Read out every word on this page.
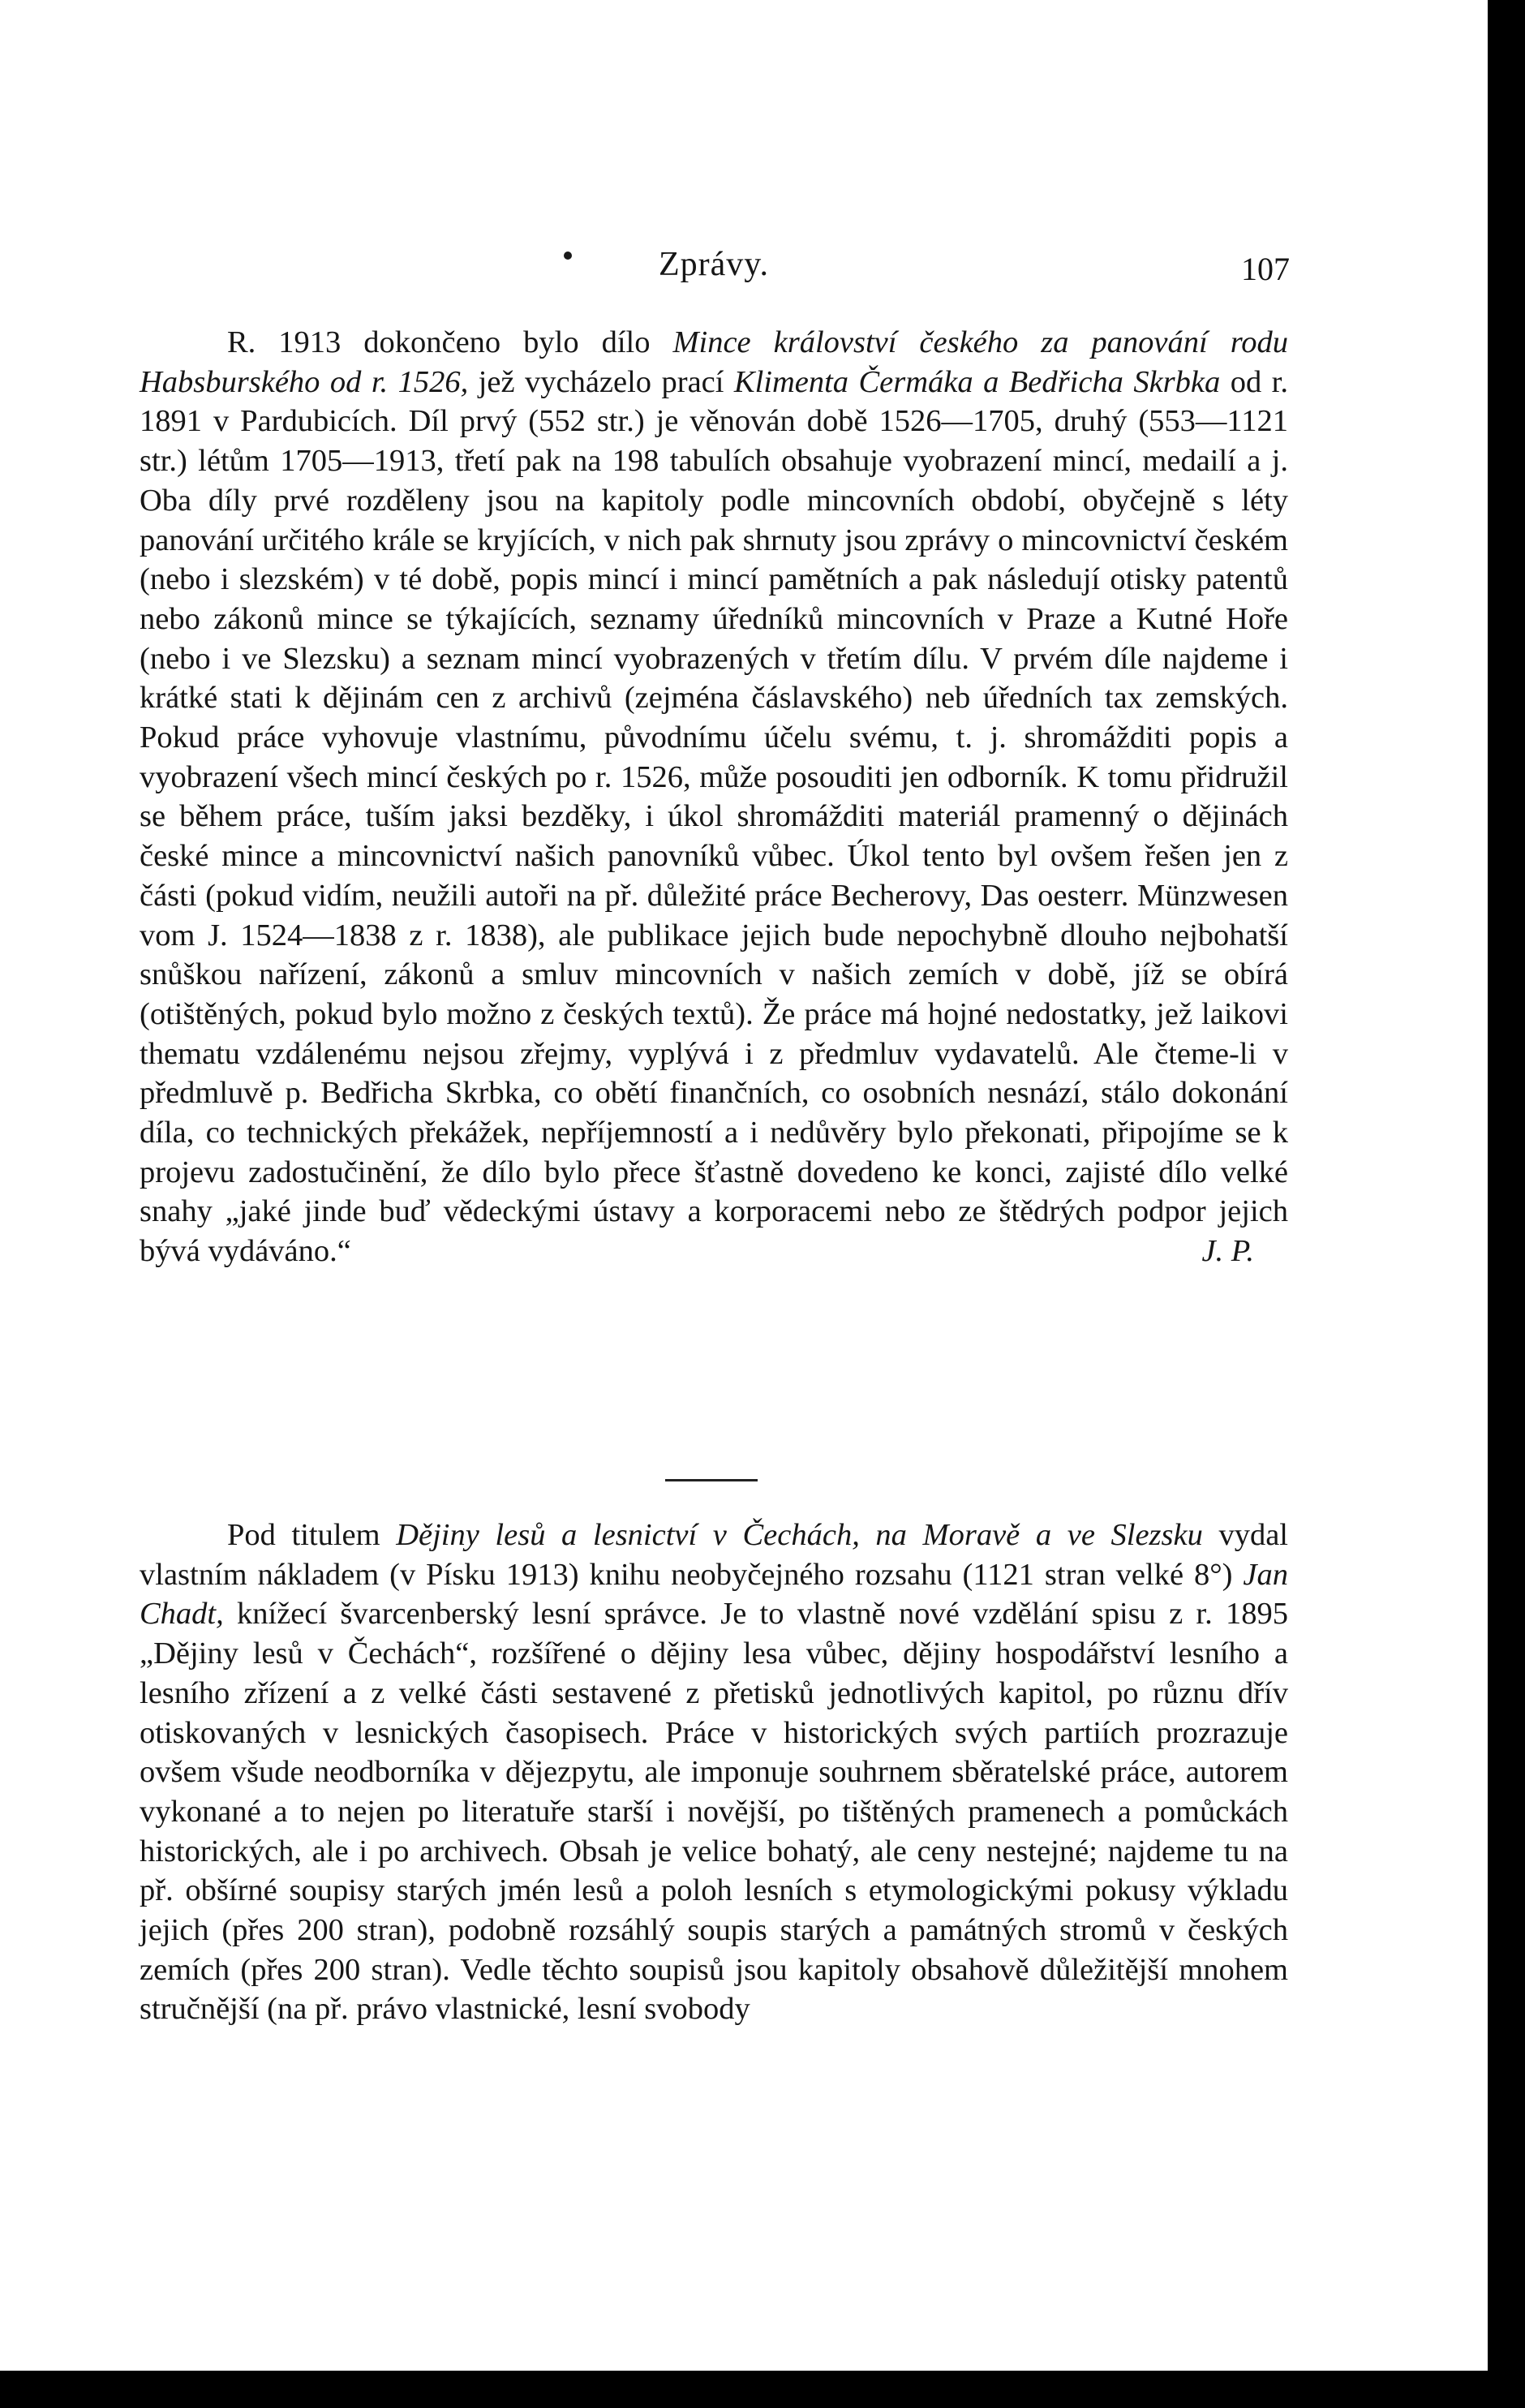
Zprávy.	107

R. 1913 dokončeno bylo dílo Mince království českého za panování rodu Habsburského od r. 1526, jež vycházelo prací Klimenta Čermáka a Bedřicha Skrbka od r. 1891 v Pardubicích. Díl prvý (552 str.) je věnován době 1526—1705, druhý (553—1121 str.) létům 1705—1913, třetí pak na 198 tabulích obsahuje vyobrazení mincí, medailí a j. Oba díly prvé rozděleny jsou na kapitoly podle mincovních období, obyčejně s léty panování určitého krále se kryjících, v nich pak shrnuty jsou zprávy o mincovnictví českém (nebo i slezském) v té době, popis mincí i mincí pamětních a pak následují otisky patentů nebo zákonů mince se týkajících, seznamy úředníků mincovních v Praze a Kutné Hoře (nebo i ve Slezsku) a seznam mincí vyobrazených v třetím dílu. V prvém díle najdeme i krátké stati k dějinám cen z archivů (zejména čáslavského) neb úředních tax zemských. Pokud práce vyhovuje vlastnímu, původnímu účelu svému, t. j. shromážditi popis a vyobrazení všech mincí českých po r. 1526, může posouditi jen odborník. K tomu přidružil se během práce, tuším jaksi bezděky, i úkol shromážditi materiál pramenný o dějinách české mince a mincovnictví našich panovníků vůbec. Úkol tento byl ovšem řešen jen z části (pokud vidím, neužili autoři na př. důležité práce Becherovy, Das oesterr. Münzwesen vom J. 1524—1838 z r. 1838), ale publikace jejich bude nepochybně dlouho nejbohatší snůškou nařízení, zákonů a smluv mincovních v našich zemích v době, jíž se obírá (otištěných, pokud bylo možno z českých textů). Že práce má hojné nedostatky, jež laikovi thematu vzdálenému nejsou zřejmy, vyplývá i z předmluv vydavatelů. Ale čteme-li v předmluvě p. Bedřicha Skrbka, co obětí finančních, co osobních nesnází, stálo dokonání díla, co technických překážek, nepříjemností a i nedůvěry bylo překonati, připojíme se k projevu zadostučinění, že dílo bylo přece šťastně dovedeno ke konci, zajisté dílo velké snahy „jaké jinde buď vědeckými ústavy a korporacemi nebo ze štědrých podpor jejich bývá vydáváno.“	J. P.

Pod titulem Dějiny lesů a lesnictví v Čechách, na Moravě a ve Slezsku vydal vlastním nákladem (v Písku 1913) knihu neobyčejného rozsahu (1121 stran velké 8°) Jan Chadt, knížecí švarcenberský lesní správce. Je to vlastně nové vzdělání spisu z r. 1895 „Dějiny lesů v Čechách“, rozšířené o dějiny lesa vůbec, dějiny hospodářství lesního a lesního zřízení a z velké části sestavené z přetisků jednotlivých kapitol, po různu dřív otiskovaných v lesnických časopisech. Práce v historických svých partiích prozrazuje ovšem všude neodborníka v dějezpytu, ale imponuje souhrnem sběratelské práce, autorem vykonané a to nejen po literatuře starší i novější, po tištěných pramenech a pomůckách historických, ale i po archivech. Obsah je velice bohatý, ale ceny nestejné; najdeme tu na př. obšírné soupisy starých jmén lesů a poloh lesních s etymologickými pokusy výkladu jejich (přes 200 stran), podobně rozsáhlý soupis starých a památných stromů v českých zemích (přes 200 stran). Vedle těchto soupisů jsou kapitoly obsahově důležitější mnohem stručnější (na př. právo vlastnické, lesní svobody
